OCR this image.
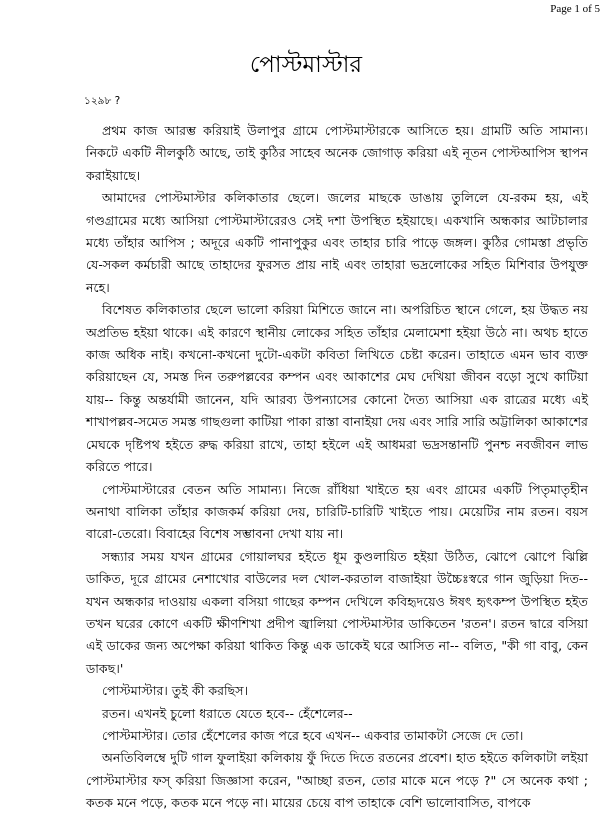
Page 1 of 5
পোস্টমাস্টার
১২৯৮ ?

প্রথম কাজ আরম্ভ করিয়াই উলাপুর গ্রামে পোস্টমাস্টারকে আসিতে হয়। গ্রামটি অতি সামান্য। নিকটে একটি নীলকুঠি আছে, তাই কুঠির সাহেব অনেক জোগাড় করিয়া এই নূতন পোস্টআপিস স্থাপন করাইয়াছে।

আমাদের পোস্টমাস্টার কলিকাতার ছেলে। জলের মাছকে ডাঙায় তুলিলে যে-রকম হয়, এই গণ্ডগ্রামের মধ্যে আসিয়া পোস্টমাস্টারেরও সেই দশা উপস্থিত হইয়াছে। একখানি অন্ধকার আটচালার মধ্যে তাঁহার আপিস ; অদূরে একটি পানাপুকুর এবং তাহার চারি পাড়ে জঙ্গল। কুঠির গোমস্তা প্রভৃতি যে-সকল কর্মচারী আছে তাহাদের ফুরসত প্রায় নাই এবং তাহারা ভদ্রলোকের সহিত মিশিবার উপযুক্ত নহে।

বিশেষত কলিকাতার ছেলে ভালো করিয়া মিশিতে জানে না। অপরিচিত স্থানে গেলে, হয় উদ্ধত নয় অপ্রতিভ হইয়া থাকে। এই কারণে স্থানীয় লোকের সহিত তাঁহার মেলামেশা হইয়া উঠে না। অথচ হাতে কাজ অধিক নাই। কখনো-কখনো দুটো-একটা কবিতা লিখিতে চেষ্টা করেন। তাহাতে এমন ভাব ব্যক্ত করিয়াছেন যে, সমস্ত দিন তরুপল্লবের কম্পন এবং আকাশের মেঘ দেখিয়া জীবন বড়ো সুখে কাটিয়া যায়-- কিন্তু অন্তর্যামী জানেন, যদি আরব্য উপন্যাসের কোনো দৈত্য আসিয়া এক রাত্রের মধ্যে এই শাখাপল্লব-সমেত সমস্ত গাছগুলা কাটিয়া পাকা রাস্তা বানাইয়া দেয় এবং সারি সারি অট্টালিকা আকাশের মেঘকে দৃষ্টিপথ হইতে রুদ্ধ করিয়া রাখে, তাহা হইলে এই আধমরা ভদ্রসন্তানটি পুনশ্চ নবজীবন লাভ করিতে পারে।

পোস্টমাস্টারের বেতন অতি সামান্য। নিজে রাঁধিয়া খাইতে হয় এবং গ্রামের একটি পিতৃমাতৃহীন অনাথা বালিকা তাঁহার কাজকর্ম করিয়া দেয়, চারিটি-চারিটি খাইতে পায়। মেয়েটির নাম রতন। বয়স বারো-তেরো। বিবাহের বিশেষ সম্ভাবনা দেখা যায় না।

সন্ধ্যার সময় যখন গ্রামের গোয়ালঘর হইতে ধূম কুণ্ডলায়িত হইয়া উঠিত, ঝোপে ঝোপে ঝিল্লি ডাকিত, দূরে গ্রামের নেশাখোর বাউলের দল খোল-করতাল বাজাইয়া উচ্চৈঃস্বরে গান জুড়িয়া দিত-- যখন অন্ধকার দাওয়ায় একলা বসিয়া গাছের কম্পন দেখিলে কবিহৃদয়েও ঈষৎ হৃৎকম্প উপস্থিত হইত তখন ঘরের কোণে একটি ক্ষীণশিখা প্রদীপ জ্বালিয়া পোস্টমাস্টার ডাকিতেন 'রতন'। রতন দ্বারে বসিয়া এই ডাকের জন্য অপেক্ষা করিয়া থাকিত কিন্তু এক ডাকেই ঘরে আসিত না-- বলিত, "কী গা বাবু, কেন ডাকছ।'

পোস্টমাস্টার। তুই কী করছিস।

রতন। এখনই চুলো ধরাতে যেতে হবে-- হেঁশেলের--

পোস্টমাস্টার। তোর হেঁশেলের কাজ পরে হবে এখন-- একবার তামাকটা সেজে দে তো।

অনতিবিলম্বে দুটি গাল ফুলাইয়া কলিকায় ফুঁ দিতে দিতে রতনের প্রবেশ। হাত হইতে কলিকাটা লইয়া পোস্টমাস্টার ফস্‌ করিয়া জিজ্ঞাসা করেন, "আচ্ছা রতন, তোর মাকে মনে পড়ে ?" সে অনেক কথা ; কতক মনে পড়ে, কতক মনে পড়ে না। মায়ের চেয়ে বাপ তাহাকে বেশি ভালোবাসিত, বাপকে
